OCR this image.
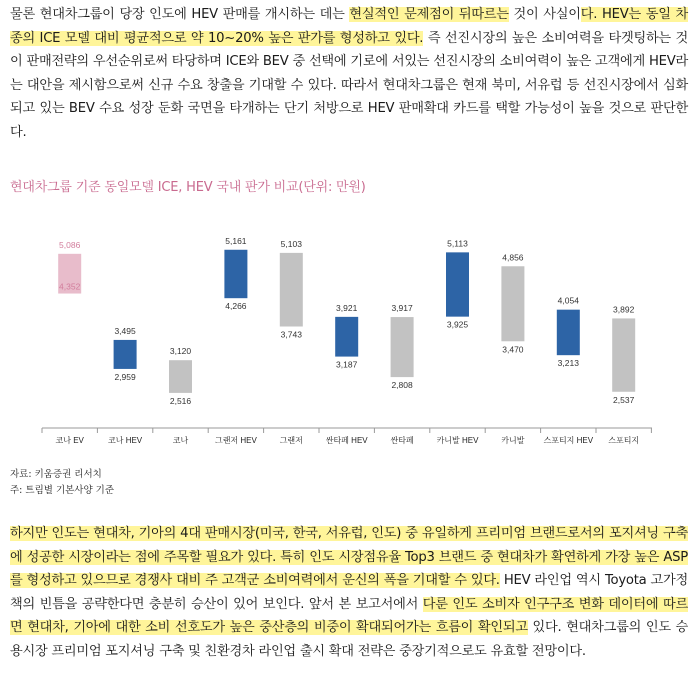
물론 현대차그룹이 당장 인도에 HEV 판매를 개시하는 데는 현실적인 문제점이 뒤따르는 것이 사실이다. HEV는 동일 차종의 ICE 모델 대비 평균적으로 약 10~20% 높은 판가를 형성하고 있다. 즉 선진시장의 높은 소비여력을 타겟팅하는 것이 판매전략의 우선순위로써 타당하며 ICE와 BEV 중 선택에 기로에 서있는 선진시장의 소비여력이 높은 고객에게 HEV라는 대안을 제시함으로써 신규 수요 창출을 기대할 수 있다. 따라서 현대차그룹은 현재 북미, 서유럽 등 선진시장에서 심화되고 있는 BEV 수요 성장 둔화 국면을 타개하는 단기 처방으로 HEV 판매확대 카드를 택할 가능성이 높을 것으로 판단한다.

현대차그룹 기준 동일모델 ICE, HEV 국내 판가 비교(단위: 만원)
5,086
4,352
코나 EV
3,495
2,959
코나 HEV
3,120
2,516
코나
5,161
4,266
그랜저 HEV
5,103
3,743
그랜저
3,921
3,187
싼타페 HEV
3,917
2,808
싼타페
5,113
3,925
카니발 HEV
4,856
3,470
카니발
4,054
3,213
스포티지 HEV
3,892
2,537
스포티지
자료: 키움증권 리서치
주: 트림별 기본사양 기준

하지만 인도는 현대차, 기아의 4대 판매시장(미국, 한국, 서유럽, 인도) 중 유일하게 프리미엄 브랜드로서의 포지셔닝 구축에 성공한 시장이라는 점에 주목할 필요가 있다. 특히 인도 시장점유율 Top3 브랜드 중 현대차가 확연하게 가장 높은 ASP를 형성하고 있으므로 경쟁사 대비 주 고객군 소비여력에서 운신의 폭을 기대할 수 있다. HEV 라인업 역시 Toyota 고가정책의 빈틈을 공략한다면 충분히 승산이 있어 보인다. 앞서 본 보고서에서 다룬 인도 소비자 인구구조 변화 데이터에 따르면 현대차, 기아에 대한 소비 선호도가 높은 중산층의 비중이 확대되어가는 흐름이 확인되고 있다. 현대차그룹의 인도 승용시장 프리미엄 포지셔닝 구축 및 친환경차 라인업 출시 확대 전략은 중장기적으로도 유효할 전망이다.
